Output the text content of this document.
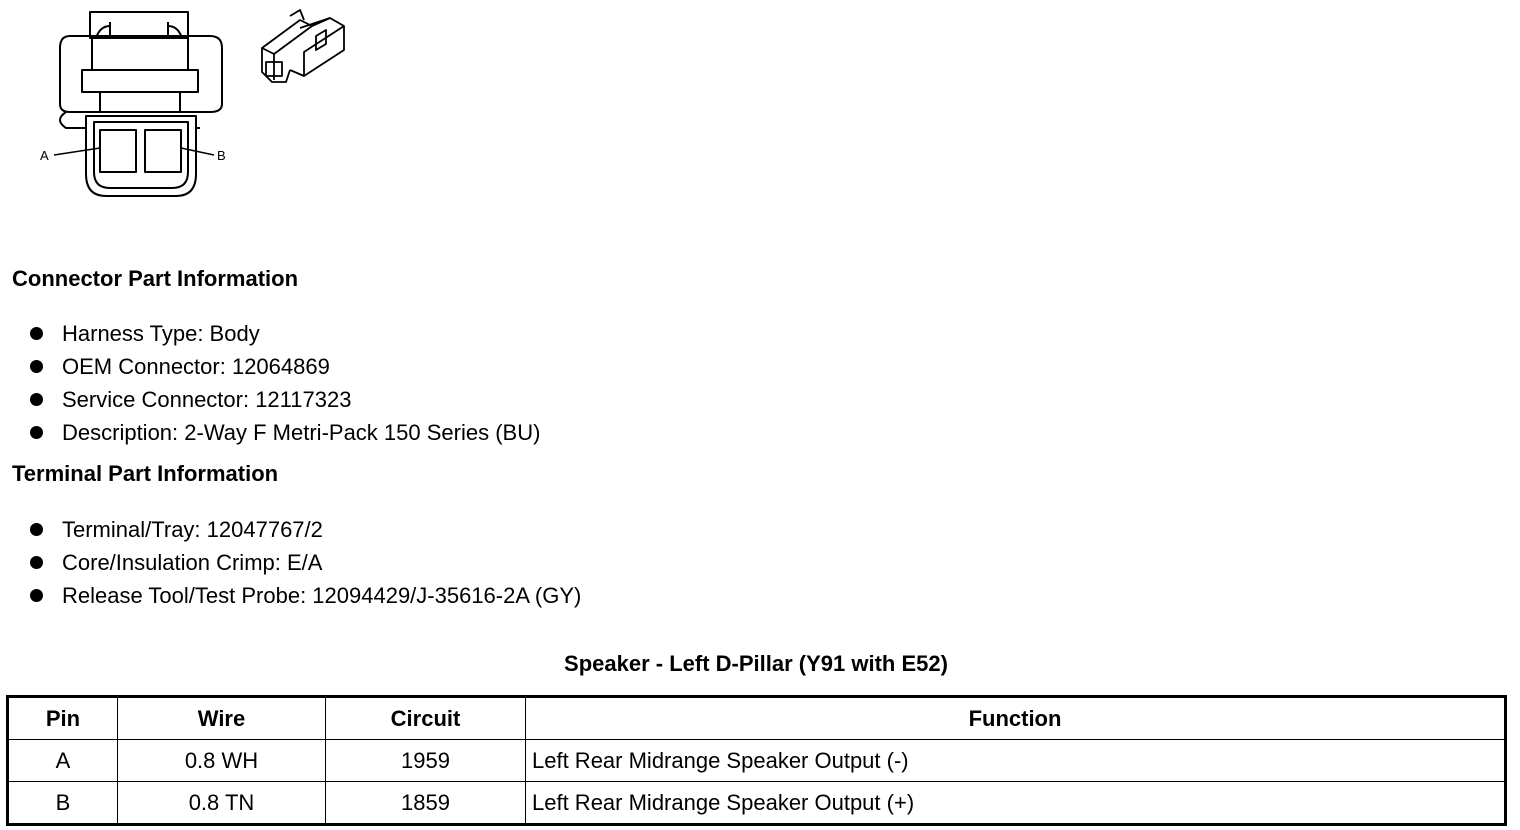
A	B
Connector Part Information
Harness Type: Body
OEM Connector: 12064869
Service Connector: 12117323
Description: 2-Way F Metri-Pack 150 Series (BU)
Terminal Part Information
Terminal/Tray: 12047767/2
Core/Insulation Crimp: E/A
Release Tool/Test Probe: 12094429/J-35616-2A (GY)
Speaker - Left D-Pillar (Y91 with E52)
Pin	Wire	Circuit	Function
A	0.8 WH	1959	Left Rear Midrange Speaker Output (-)
B	0.8 TN	1859	Left Rear Midrange Speaker Output (+)
